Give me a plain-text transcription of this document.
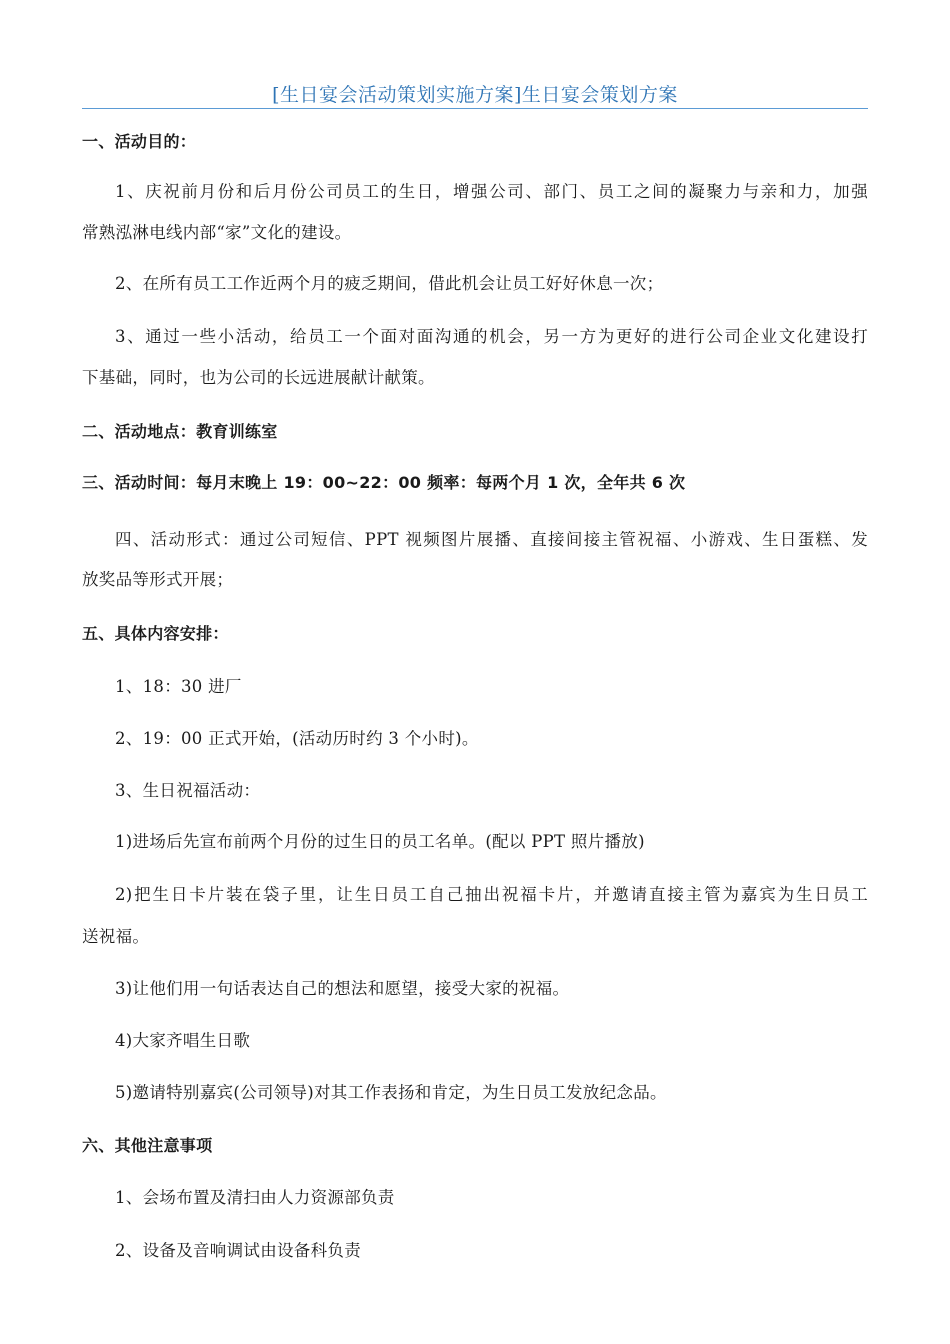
[生日宴会活动策划实施方案]生日宴会策划方案
一、活动目的：
1、庆祝前月份和后月份公司员工的生日，增强公司、部门、员工之间的凝聚力与亲和力，加强
常熟泓淋电线内部“家”文化的建设。
2、在所有员工工作近两个月的疲乏期间，借此机会让员工好好休息一次；
3、通过一些小活动，给员工一个面对面沟通的机会，另一方为更好的进行公司企业文化建设打
下基础，同时，也为公司的长远进展献计献策。
二、活动地点：教育训练室
三、活动时间：每月末晚上 19：00~22：00 频率：每两个月 1 次，全年共 6 次
四、活动形式：通过公司短信、PPT 视频图片展播、直接间接主管祝福、小游戏、生日蛋糕、发
放奖品等形式开展；
五、具体内容安排：
1、18：30 进厂
2、19：00 正式开始，(活动历时约 3 个小时)。
3、生日祝福活动：
1)进场后先宣布前两个月份的过生日的员工名单。(配以 PPT 照片播放)
2)把生日卡片装在袋子里，让生日员工自己抽出祝福卡片，并邀请直接主管为嘉宾为生日员工
送祝福。
3)让他们用一句话表达自己的想法和愿望，接受大家的祝福。
4)大家齐唱生日歌
5)邀请特别嘉宾(公司领导)对其工作表扬和肯定，为生日员工发放纪念品。
六、其他注意事项
1、会场布置及清扫由人力资源部负责
2、设备及音响调试由设备科负责
